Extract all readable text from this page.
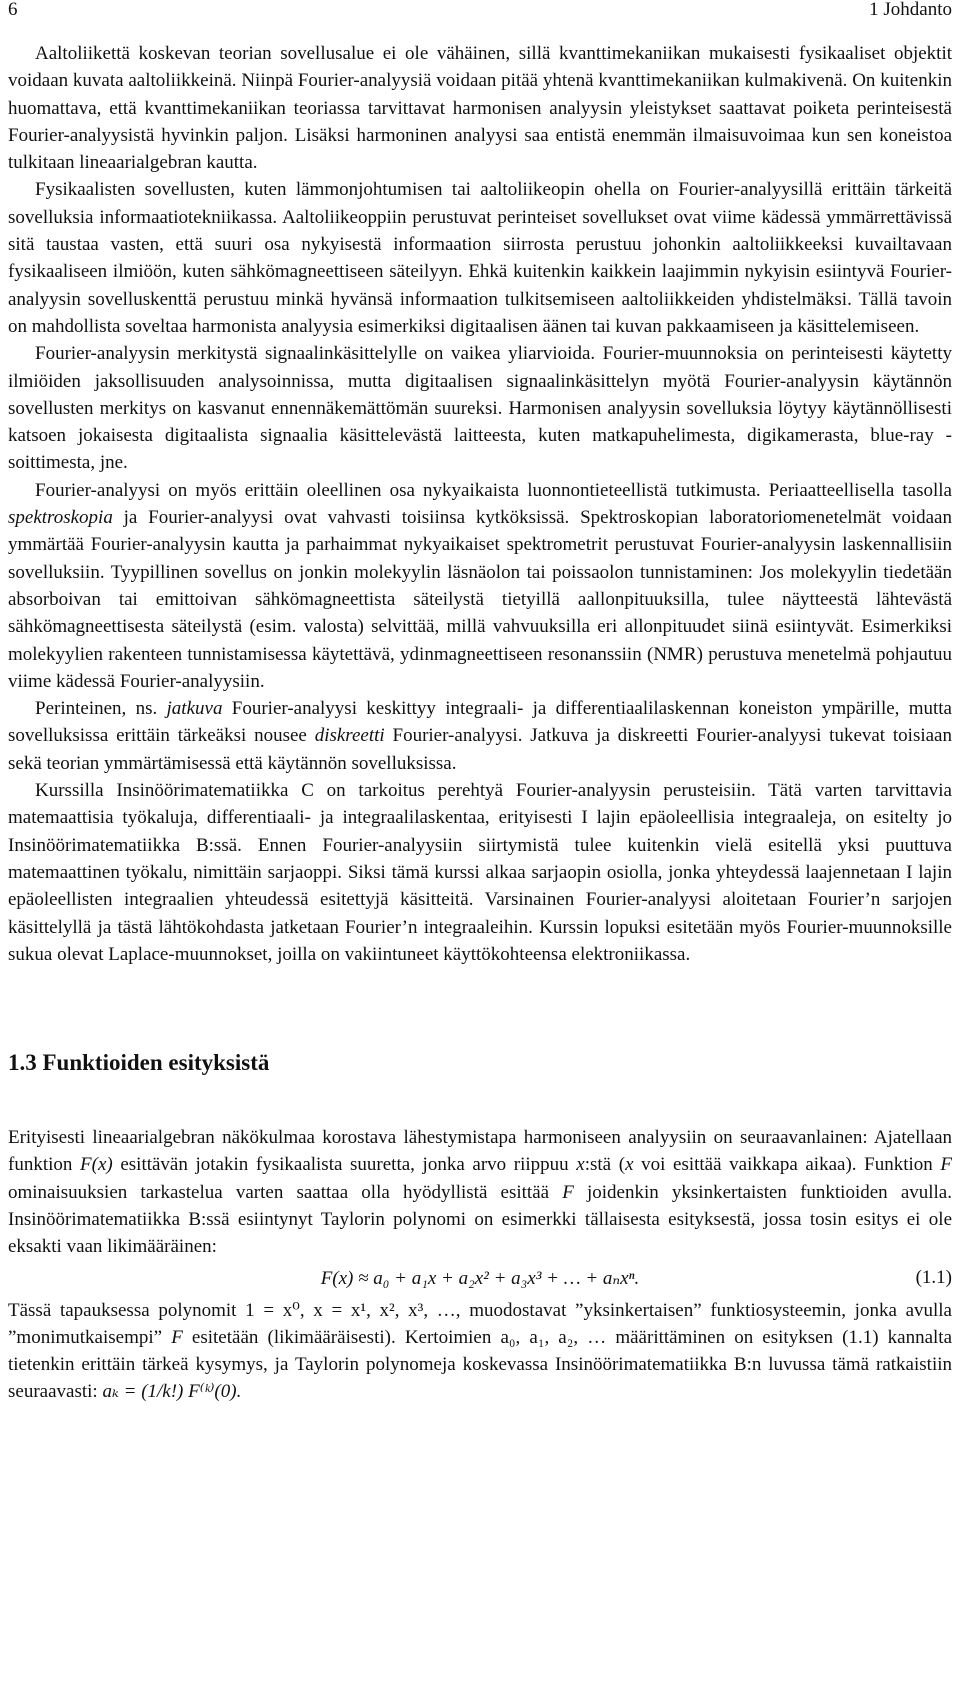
6	1 Johdanto

Aaltoliikettä koskevan teorian sovellusalue ei ole vähäinen, sillä kvanttimekaniikan mukaisesti fysikaaliset objektit voidaan kuvata aaltoliikkeinä. Niinpä Fourier-analyysiä voidaan pitää yhtenä kvanttimekaniikan kulmakivenä. On kuitenkin huomattava, että kvanttimekaniikan teoriassa tarvittavat harmonisen analyysin yleistykset saattavat poiketa perinteisestä Fourier-analyysistä hyvinkin paljon. Lisäksi harmoninen analyysi saa entistä enemmän ilmaisuvoimaa kun sen koneistoa tulkitaan lineaarialgebran kautta.

Fysikaalisten sovellusten, kuten lämmonjohtumisen tai aaltoliikeopin ohella on Fourier-analyysillä erittäin tärkeitä sovelluksia informaatiotekniikassa. Aaltoliikeoppiin perustuvat perinteiset sovellukset ovat viime kädessä ymmärrettävissä sitä taustaa vasten, että suuri osa nykyisestä informaation siirrosta perustuu johonkin aaltoliikkeeksi kuvailtavaan fysikaaliseen ilmiöön, kuten sähkömagneettiseen säteilyyn. Ehkä kuitenkin kaikkein laajimmin nykyisin esiintyvä Fourier-analyysin sovelluskenttä perustuu minkä hyvänsä informaation tulkitsemiseen aaltoliikkeiden yhdistelmäksi. Tällä tavoin on mahdollista soveltaa harmonista analyysia esimerkiksi digitaalisen äänen tai kuvan pakkaamiseen ja käsittelemiseen.

Fourier-analyysin merkitystä signaalinkäsittelylle on vaikea yliarvioida. Fourier-muunnoksia on perinteisesti käytetty ilmiöiden jaksollisuuden analysoinnissa, mutta digitaalisen signaalinkäsittelyn myötä Fourier-analyysin käytännön sovellusten merkitys on kasvanut ennennäkemättömän suureksi. Harmonisen analyysin sovelluksia löytyy käytännöllisesti katsoen jokaisesta digitaalista signaalia käsittelevästä laitteesta, kuten matkapuhelimesta, digikamerasta, blue-ray -soittimesta, jne.

Fourier-analyysi on myös erittäin oleellinen osa nykyaikaista luonnontieteellistä tutkimusta. Periaatteellisella tasolla spektroskopia ja Fourier-analyysi ovat vahvasti toisiinsa kytköksissä. Spektroskopian laboratoriomenetelmät voidaan ymmärtää Fourier-analyysin kautta ja parhaimmat nykyaikaiset spektrometrit perustuvat Fourier-analyysin laskennallisiin sovelluksiin. Tyypillinen sovellus on jonkin molekyylin läsnäolon tai poissaolon tunnistaminen: Jos molekyylin tiedetään absorboivan tai emittoivan sähkömagneettista säteilystä tietyillä aallonpituuksilla, tulee näytteestä lähtevästä sähkömagneettisesta säteilystä (esim. valosta) selvittää, millä vahvuuksilla eri allonpituudet siinä esiintyvät. Esimerkiksi molekyylien rakenteen tunnistamisessa käytettävä, ydinmagneettiseen resonanssiin (NMR) perustuva menetelmä pohjautuu viime kädessä Fourier-analyysiin.

Perinteinen, ns. jatkuva Fourier-analyysi keskittyy integraali- ja differentiaalilaskennan koneiston ympärille, mutta sovelluksissa erittäin tärkeäksi nousee diskreetti Fourier-analyysi. Jatkuva ja diskreetti Fourier-analyysi tukevat toisiaan sekä teorian ymmärtämisessä että käytännön sovelluksissa.

Kurssilla Insinöörimatematiikka C on tarkoitus perehtyä Fourier-analyysin perusteisiin. Tätä varten tarvittavia matemaattisia työkaluja, differentiaali- ja integraalilaskentaa, erityisesti I lajin epäoleellisia integraaleja, on esitelty jo Insinöörimatematiikka B:ssä. Ennen Fourier-analyysiin siirtymistä tulee kuitenkin vielä esitellä yksi puuttuva matemaattinen työkalu, nimittäin sarjaoppi. Siksi tämä kurssi alkaa sarjaopin osiolla, jonka yhteydessä laajennetaan I lajin epäoleellisten integraalien yhteudessä esitettyjä käsitteitä. Varsinainen Fourier-analyysi aloitetaan Fourier’n sarjojen käsittelyllä ja tästä lähtökohdasta jatketaan Fourier’n integraaleihin. Kurssin lopuksi esitetään myös Fourier-muunnoksille sukua olevat Laplace-muunnokset, joilla on vakiintuneet käyttökohteensa elektroniikassa.

1.3 Funktioiden esityksistä

Erityisesti lineaarialgebran näkökulmaa korostava lähestymistapa harmoniseen analyysiin on seuraavanlainen: Ajatellaan funktion F(x) esittävän jotakin fysikaalista suuretta, jonka arvo riippuu x:stä (x voi esittää vaikkapa aikaa). Funktion F ominaisuuksien tarkastelua varten saattaa olla hyödyllistä esittää F joidenkin yksinkertaisten funktioiden avulla. Insinöörimatematiikka B:ssä esiintynyt Taylorin polynomi on esimerkki tällaisesta esityksestä, jossa tosin esitys ei ole eksakti vaan likimääräinen:

F(x) ≈ a₀ + a₁x + a₂x² + a₃x³ + … + aₙxⁿ.	(1.1)

Tässä tapauksessa polynomit 1 = x⁰, x = x¹, x², x³, …, muodostavat ”yksinkertaisen” funktiosysteemin, jonka avulla ”monimutkaisempi” F esitetään (likimääräisesti). Kertoimien a₀, a₁, a₂, … määrittäminen on esityksen (1.1) kannalta tietenkin erittäin tärkeä kysymys, ja Taylorin polynomeja koskevassa Insinöörimatematiikka B:n luvussa tämä ratkaistiin seuraavasti: aₖ = (1/k!) F⁽ᵏ⁾(0).
